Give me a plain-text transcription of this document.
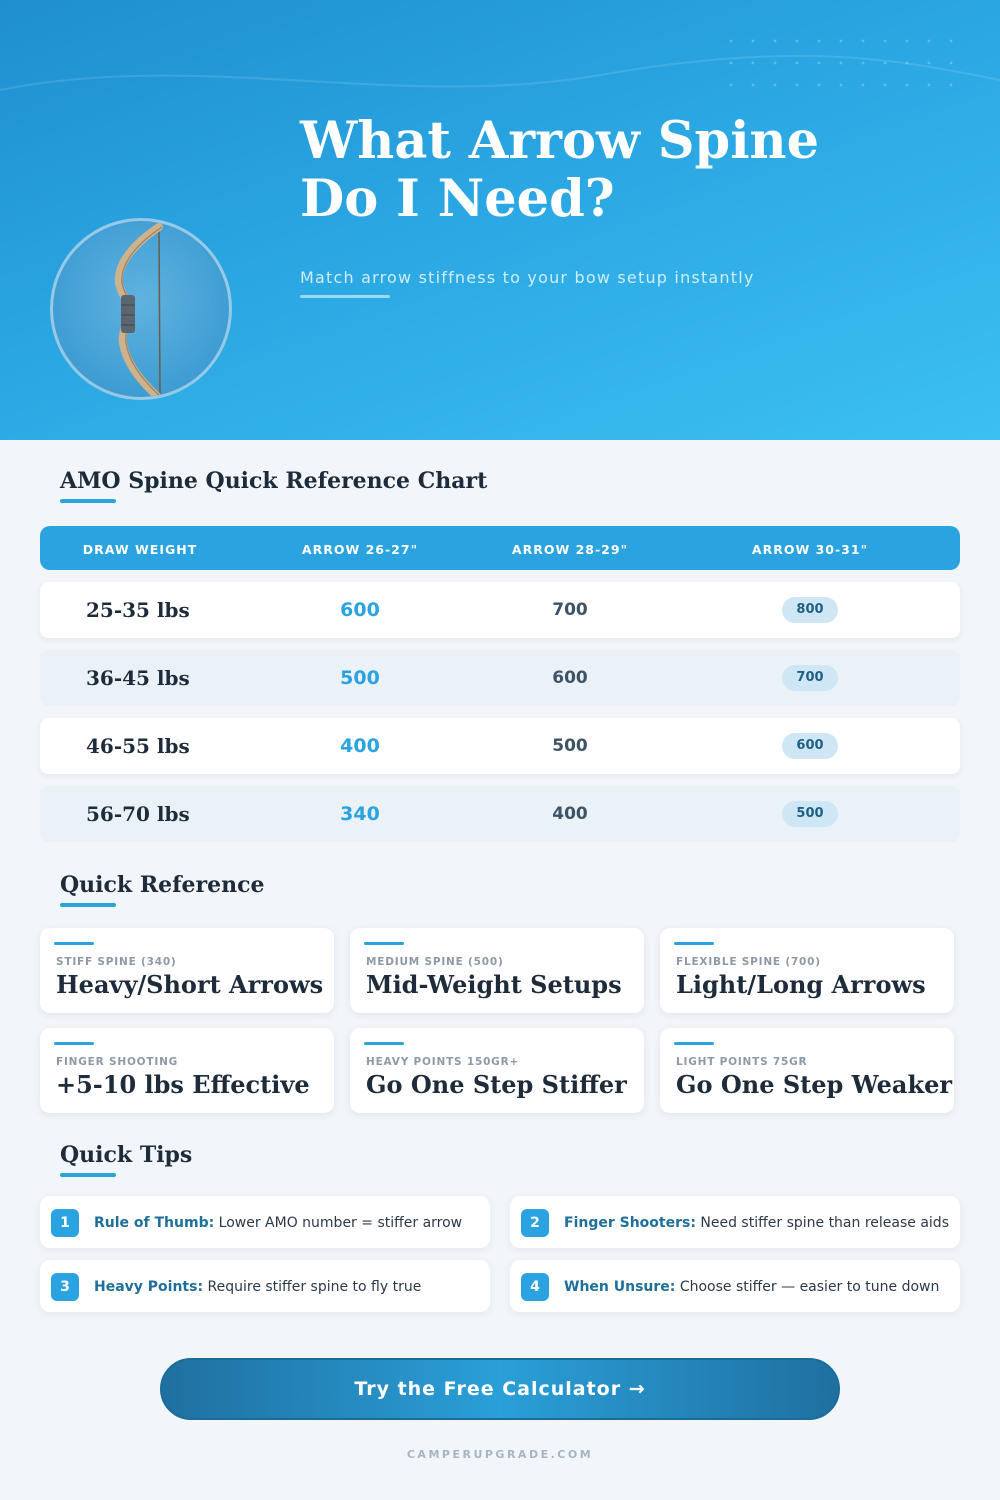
What Arrow Spine
Do I Need?
Match arrow stiffness to your bow setup instantly
AMO Spine Quick Reference Chart
DRAW WEIGHT	ARROW 26-27"	ARROW 28-29"	ARROW 30-31"
25-35 lbs	600	700	800
36-45 lbs	500	600	700
46-55 lbs	400	500	600
56-70 lbs	340	400	500
Quick Reference
STIFF SPINE (340)
Heavy/Short Arrows
MEDIUM SPINE (500)
Mid-Weight Setups
FLEXIBLE SPINE (700)
Light/Long Arrows
FINGER SHOOTING
+5-10 lbs Effective
HEAVY POINTS 150GR+
Go One Step Stiffer
LIGHT POINTS 75GR
Go One Step Weaker
Quick Tips
1	Rule of Thumb: Lower AMO number = stiffer arrow	2	Finger Shooters: Need stiffer spine than release aids
3	Heavy Points: Require stiffer spine to fly true	4	When Unsure: Choose stiffer — easier to tune down
Try the Free Calculator →
CAMPERUPGRADE.COM
